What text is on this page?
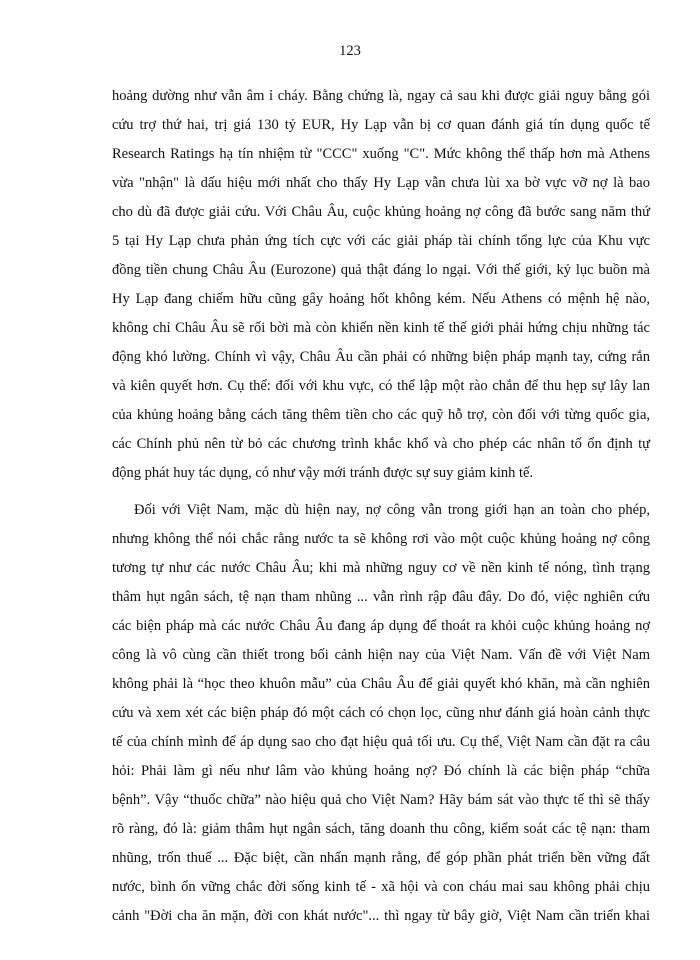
123

hoảng dường như vẫn âm ỉ cháy. Bằng chứng là, ngay cả sau khi được giải nguy bằng gói
cứu trợ thứ hai, trị giá 130 tỷ EUR, Hy Lạp vẫn bị cơ quan đánh giá tín dụng quốc tế
Research Ratings hạ tín nhiệm từ "CCC" xuống "C". Mức không thể thấp hơn mà Athens
vừa "nhận" là dấu hiệu mới nhất cho thấy Hy Lạp vẫn chưa lùi xa bờ vực vỡ nợ là bao
cho dù đã được giải cứu. Với Châu Âu, cuộc khủng hoảng nợ công đã bước sang năm thứ
5 tại Hy Lạp chưa phản ứng tích cực với các giải pháp tài chính tổng lực của Khu vực
đồng tiền chung Châu Âu (Eurozone) quả thật đáng lo ngại. Với thế giới, kỷ lục buồn mà
Hy Lạp đang chiếm hữu cũng gây hoảng hốt không kém. Nếu Athens có mệnh hệ nào,
không chỉ Châu Âu sẽ rối bời mà còn khiến nền kinh tế thế giới phải hứng chịu những tác
động khó lường. Chính vì vậy, Châu Âu cần phải có những biện pháp mạnh tay, cứng rắn
và kiên quyết hơn. Cụ thể: đối với khu vực, có thể lập một rào chắn để thu hẹp sự lây lan
của khủng hoảng bằng cách tăng thêm tiền cho các quỹ hỗ trợ, còn đối với từng quốc gia,
các Chính phủ nên từ bỏ các chương trình khắc khổ và cho phép các nhân tố ổn định tự
động phát huy tác dụng, có như vậy mới tránh được sự suy giảm kinh tế.

Đối với Việt Nam, mặc dù hiện nay, nợ công vẫn trong giới hạn an toàn cho phép,
nhưng không thể nói chắc rằng nước ta sẽ không rơi vào một cuộc khủng hoảng nợ công
tương tự như các nước Châu Âu; khi mà những nguy cơ về nền kinh tế nóng, tình trạng
thâm hụt ngân sách, tệ nạn tham nhũng ... vẫn rình rập đâu đây. Do đó, việc nghiên cứu
các biện pháp mà các nước Châu Âu đang áp dụng để thoát ra khỏi cuộc khủng hoảng nợ
công là vô cùng cần thiết trong bối cảnh hiện nay của Việt Nam. Vấn đề với Việt Nam
không phải là “học theo khuôn mẫu” của Châu Âu để giải quyết khó khăn, mà cần nghiên
cứu và xem xét các biện pháp đó một cách có chọn lọc, cũng như đánh giá hoàn cảnh thực
tế của chính mình để áp dụng sao cho đạt hiệu quả tối ưu. Cụ thể, Việt Nam cần đặt ra câu
hỏi: Phải làm gì nếu như lâm vào khủng hoảng nợ? Đó chính là các biện pháp “chữa
bệnh”. Vậy “thuốc chữa” nào hiệu quả cho Việt Nam? Hãy bám sát vào thực tế thì sẽ thấy
rõ ràng, đó là: giảm thâm hụt ngân sách, tăng doanh thu công, kiểm soát các tệ nạn: tham
nhũng, trốn thuế ... Đặc biệt, cần nhấn mạnh rằng, để góp phần phát triển bền vững đất
nước, bình ổn vững chắc đời sống kinh tế - xã hội và con cháu mai sau không phải chịu
cảnh "Đời cha ăn mặn, đời con khát nước"... thì ngay từ bây giờ, Việt Nam cần triển khai
